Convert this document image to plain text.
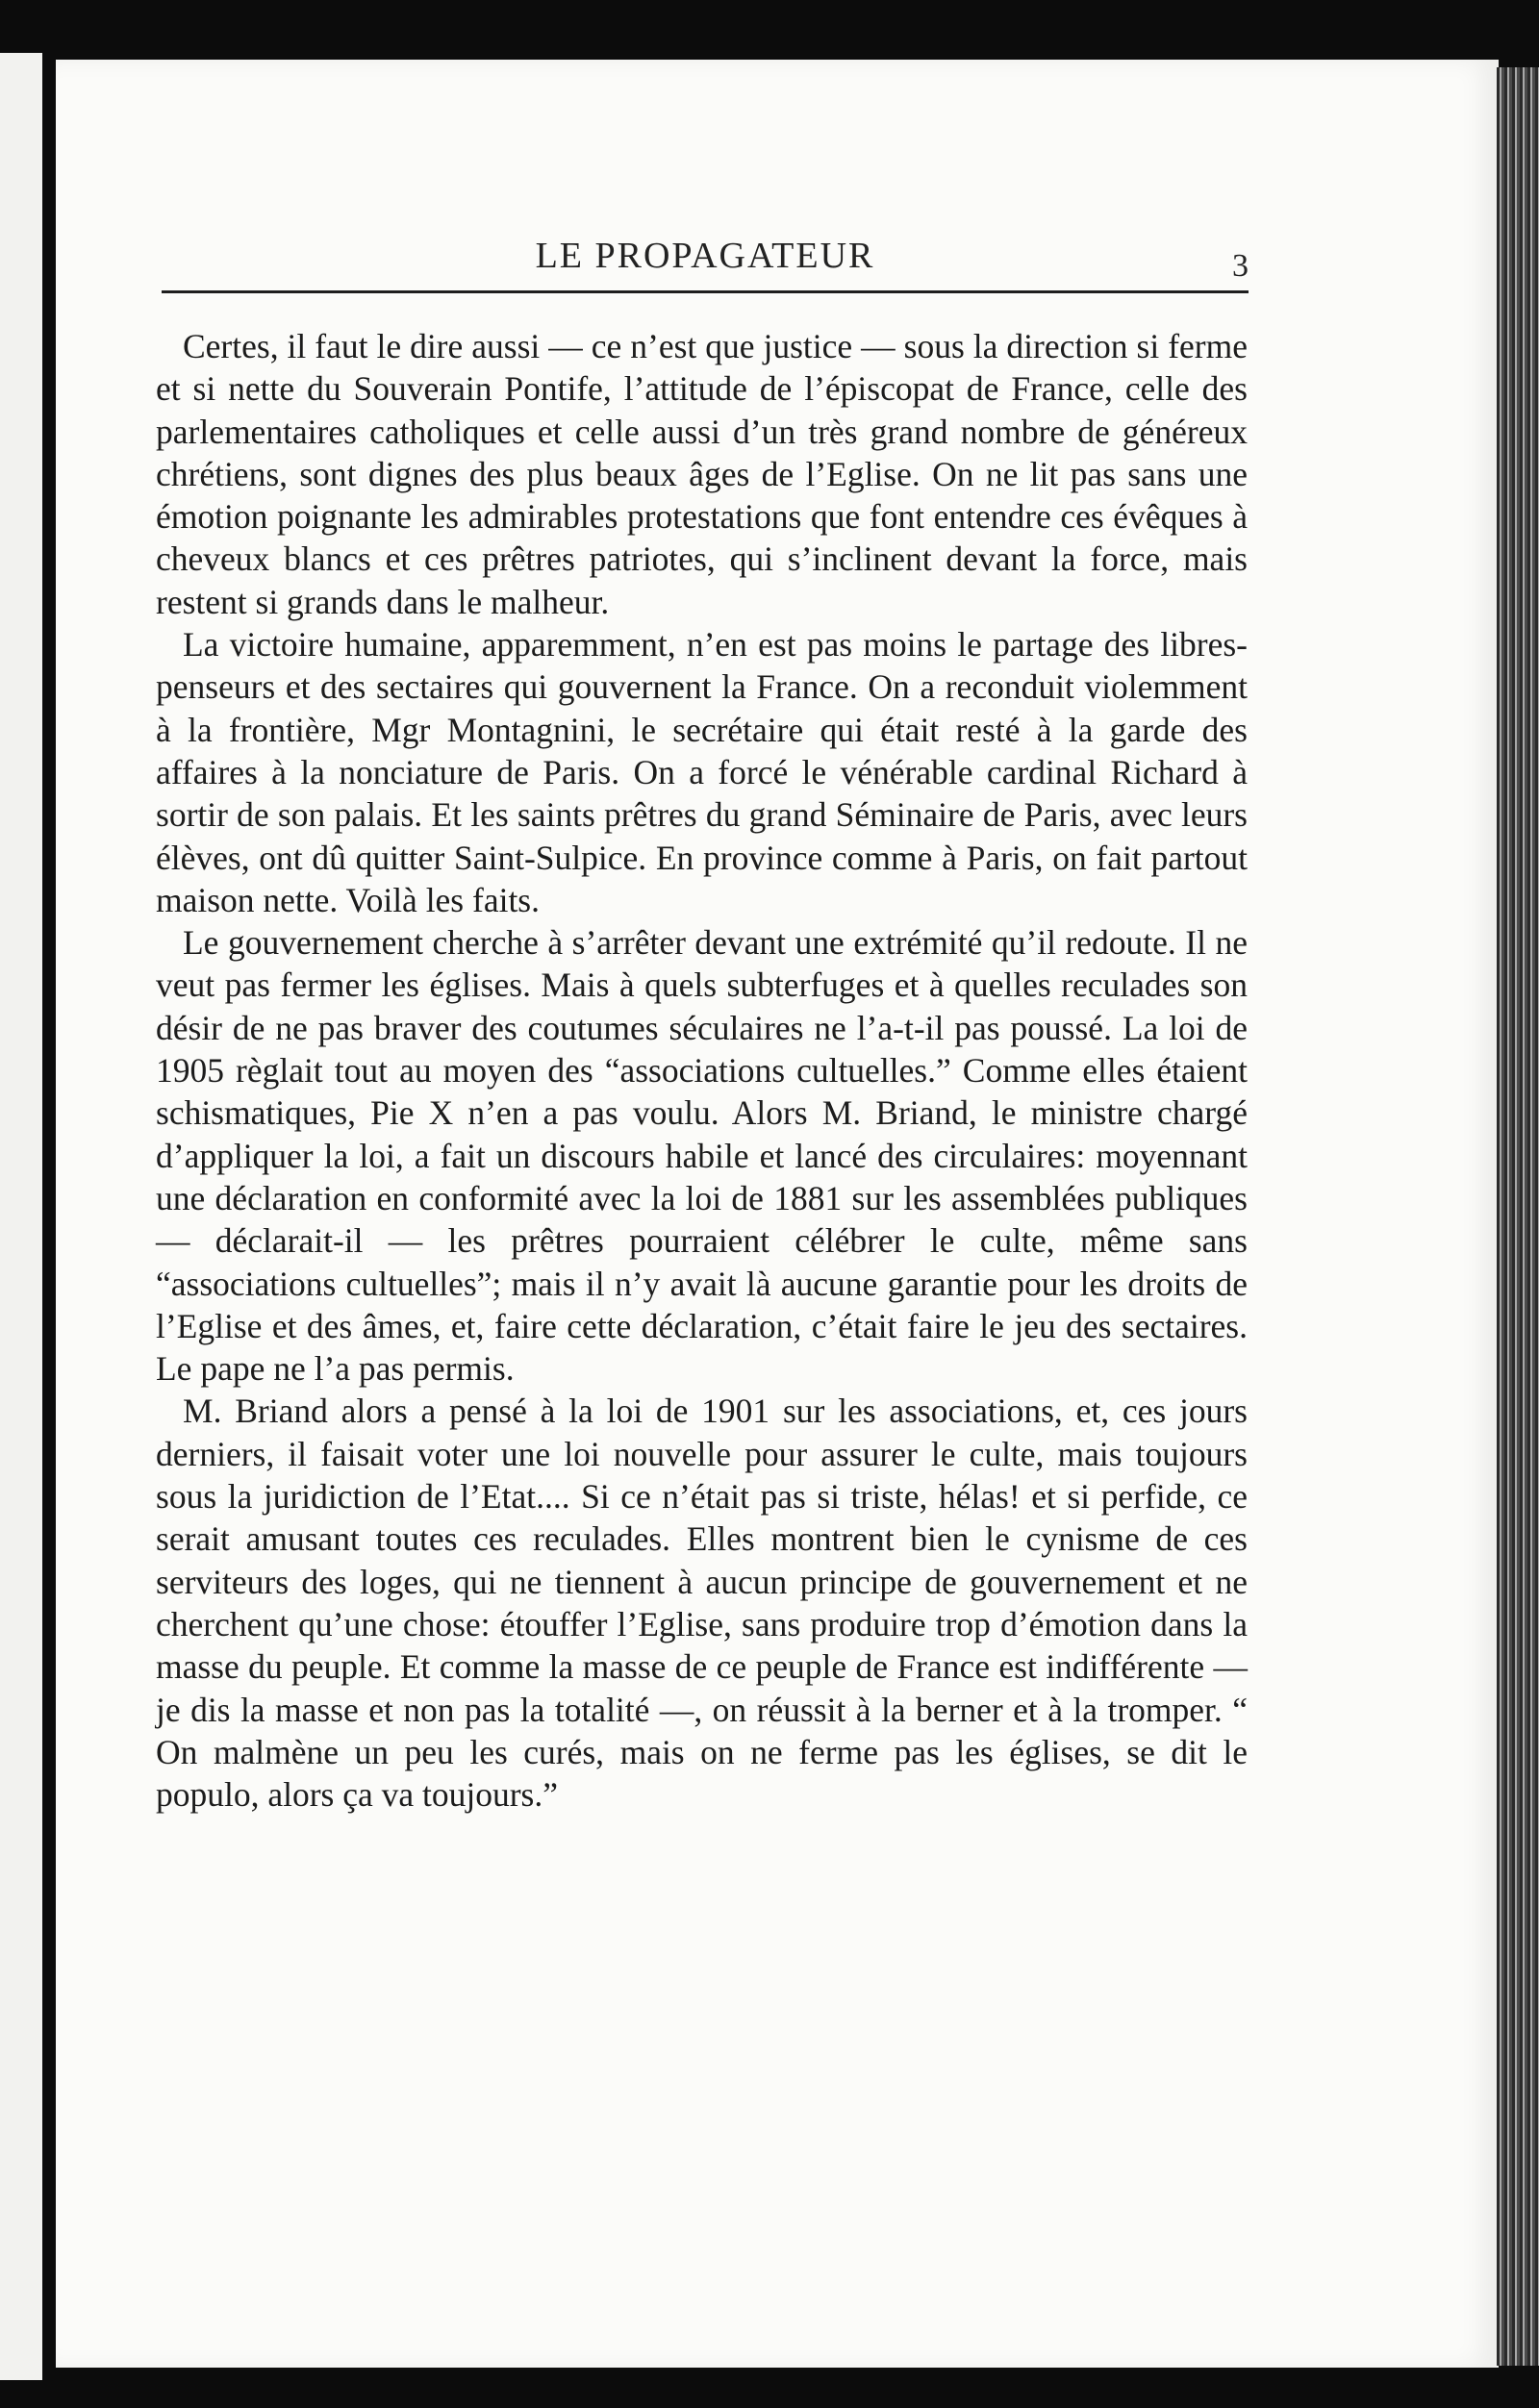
LE PROPAGATEUR	3

Certes, il faut le dire aussi — ce n’est que justice — sous la direction si ferme et si nette du Souverain Pontife, l’attitude de l’épiscopat de France, celle des parlementaires catholiques et celle aussi d’un très grand nombre de généreux chrétiens, sont dignes des plus beaux âges de l’Eglise. On ne lit pas sans une émotion poignante les admirables protestations que font entendre ces évêques à cheveux blancs et ces prêtres patriotes, qui s’inclinent devant la force, mais restent si grands dans le malheur.

La victoire humaine, apparemment, n’en est pas moins le partage des libres-penseurs et des sectaires qui gouvernent la France. On a reconduit violemment à la frontière, Mgr Montagnini, le secrétaire qui était resté à la garde des affaires à la nonciature de Paris. On a forcé le vénérable cardinal Richard à sortir de son palais. Et les saints prêtres du grand Séminaire de Paris, avec leurs élèves, ont dû quitter Saint-Sulpice. En province comme à Paris, on fait partout maison nette. Voilà les faits.

Le gouvernement cherche à s’arrêter devant une extrémité qu’il redoute. Il ne veut pas fermer les églises. Mais à quels subterfuges et à quelles reculades son désir de ne pas braver des coutumes séculaires ne l’a-t-il pas poussé. La loi de 1905 règlait tout au moyen des “associations cultuelles.” Comme elles étaient schismatiques, Pie X n’en a pas voulu. Alors M. Briand, le ministre chargé d’appliquer la loi, a fait un discours habile et lancé des circulaires: moyennant une déclaration en conformité avec la loi de 1881 sur les assemblées publiques — déclarait-il — les prêtres pourraient célébrer le culte, même sans “associations cultuelles”; mais il n’y avait là aucune garantie pour les droits de l’Eglise et des âmes, et, faire cette déclaration, c’était faire le jeu des sectaires. Le pape ne l’a pas permis.

M. Briand alors a pensé à la loi de 1901 sur les associations, et, ces jours derniers, il faisait voter une loi nouvelle pour assurer le culte, mais toujours sous la juridiction de l’Etat.... Si ce n’était pas si triste, hélas! et si perfide, ce serait amusant toutes ces reculades. Elles montrent bien le cynisme de ces serviteurs des loges, qui ne tiennent à aucun principe de gouvernement et ne cherchent qu’une chose: étouffer l’Eglise, sans produire trop d’émotion dans la masse du peuple. Et comme la masse de ce peuple de France est indifférente — je dis la masse et non pas la totalité —, on réussit à la berner et à la tromper. “ On malmène un peu les curés, mais on ne ferme pas les églises, se dit le populo, alors ça va toujours.”
